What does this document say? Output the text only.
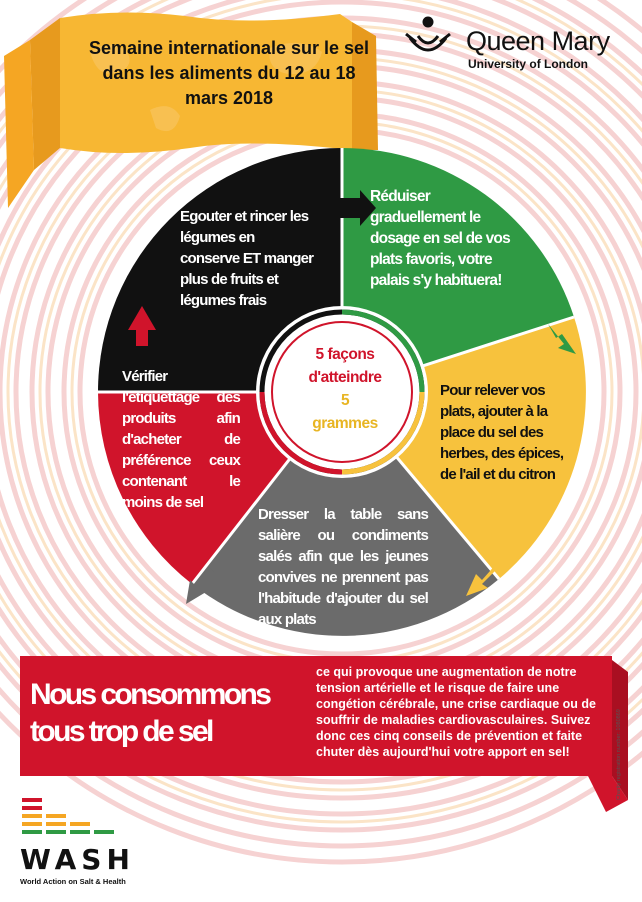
Semaine internationale sur le sel dans les aliments du 12 au 18 mars 2018
Queen Mary
University of London
Egouter et rincer les légumes en conserve ET manger plus de fruits et légumes frais
Réduiser graduellement le dosage en sel de vos plats favoris, votre palais s'y habituera!
Pour relever vos plats, ajouter à la place du sel des herbes, des épices, de l'ail et du citron
Dresser la table sans salière ou condiments salés afin que les jeunes convives ne prennent pas l'habitude d'ajouter du sel aux plats
Vérifier l'étiquettage des produits afin d'acheter de préférence ceux contenant le moins de sel
5 façons
d'atteindre
5
grammes
Nous consommons tous trop de sel
ce qui provoque une augmentation de notre tension artérielle et le risque de faire une congétion cérébrale, une crise cardiaque ou de souffrir de maladies cardiovasculaires. Suivez donc ces cinq conseils de prévention et faite chuter dès aujourd'hui votre apport en sel!
WASH
World Action on Salt & Health
Charity registration number: 1080869
